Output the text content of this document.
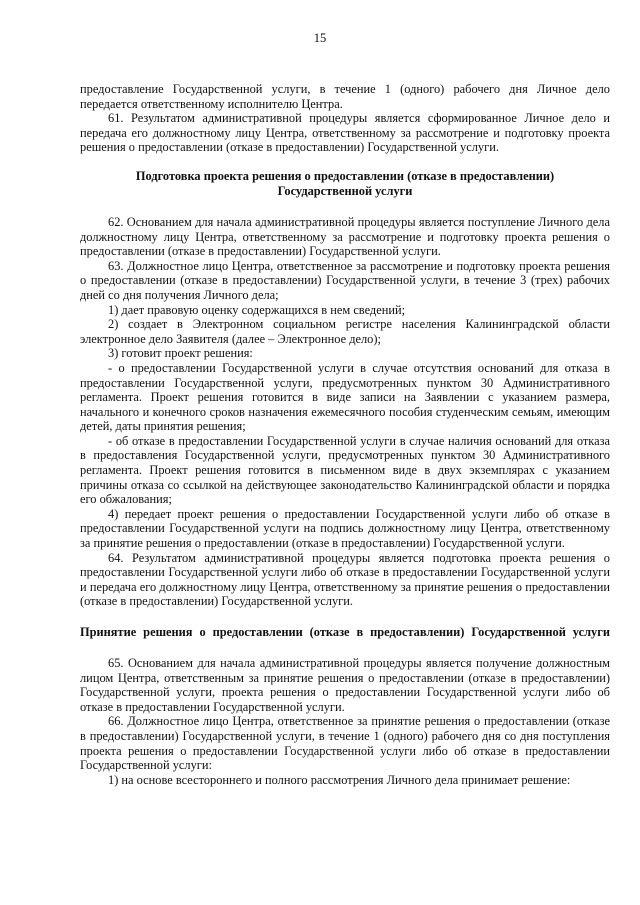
15

предоставление Государственной услуги, в течение 1 (одного) рабочего дня Личное дело передается ответственному исполнителю Центра.

61. Результатом административной процедуры является сформированное Личное дело и передача его должностному лицу Центра, ответственному за рассмотрение и подготовку проекта решения о предоставлении (отказе в предоставлении) Государственной услуги.

Подготовка проекта решения о предоставлении (отказе в предоставлении) Государственной услуги

62. Основанием для начала административной процедуры является поступление Личного дела должностному лицу Центра, ответственному за рассмотрение и подготовку проекта решения о предоставлении (отказе в предоставлении) Государственной услуги.

63. Должностное лицо Центра, ответственное за рассмотрение и подготовку проекта решения о предоставлении (отказе в предоставлении) Государственной услуги, в течение 3 (трех) рабочих дней со дня получения Личного дела;

1) дает правовую оценку содержащихся в нем сведений;

2) создает в Электронном социальном регистре населения Калининградской области электронное дело Заявителя (далее – Электронное дело);

3) готовит проект решения:

- о предоставлении Государственной услуги в случае отсутствия оснований для отказа в предоставлении Государственной услуги, предусмотренных пунктом 30 Административного регламента. Проект решения готовится в виде записи на Заявлении с указанием размера, начального и конечного сроков назначения ежемесячного пособия студенческим семьям, имеющим детей, даты принятия решения;

- об отказе в предоставлении Государственной услуги в случае наличия оснований для отказа в предоставления Государственной услуги, предусмотренных пунктом 30 Административного регламента. Проект решения готовится в письменном виде в двух экземплярах с указанием причины отказа со ссылкой на действующее законодательство Калининградской области и порядка его обжалования;

4) передает проект решения о предоставлении Государственной услуги либо об отказе в предоставлении Государственной услуги на подпись должностному лицу Центра, ответственному за принятие решения о предоставлении (отказе в предоставлении) Государственной услуги.

64. Результатом административной процедуры является подготовка проекта решения о предоставлении Государственной услуги либо об отказе в предоставлении Государственной услуги и передача его должностному лицу Центра, ответственному за принятие решения о предоставлении (отказе в предоставлении) Государственной услуги.

Принятие решения о предоставлении (отказе в предоставлении) Государственной услуги

65. Основанием для начала административной процедуры является получение должностным лицом Центра, ответственным за принятие решения о предоставлении (отказе в предоставлении) Государственной услуги, проекта решения о предоставлении Государственной услуги либо об отказе в предоставлении Государственной услуги.

66. Должностное лицо Центра, ответственное за принятие решения о предоставлении (отказе в предоставлении) Государственной услуги, в течение 1 (одного) рабочего дня со дня поступления проекта решения о предоставлении Государственной услуги либо об отказе в предоставлении Государственной услуги:

1) на основе всестороннего и полного рассмотрения Личного дела принимает решение:
